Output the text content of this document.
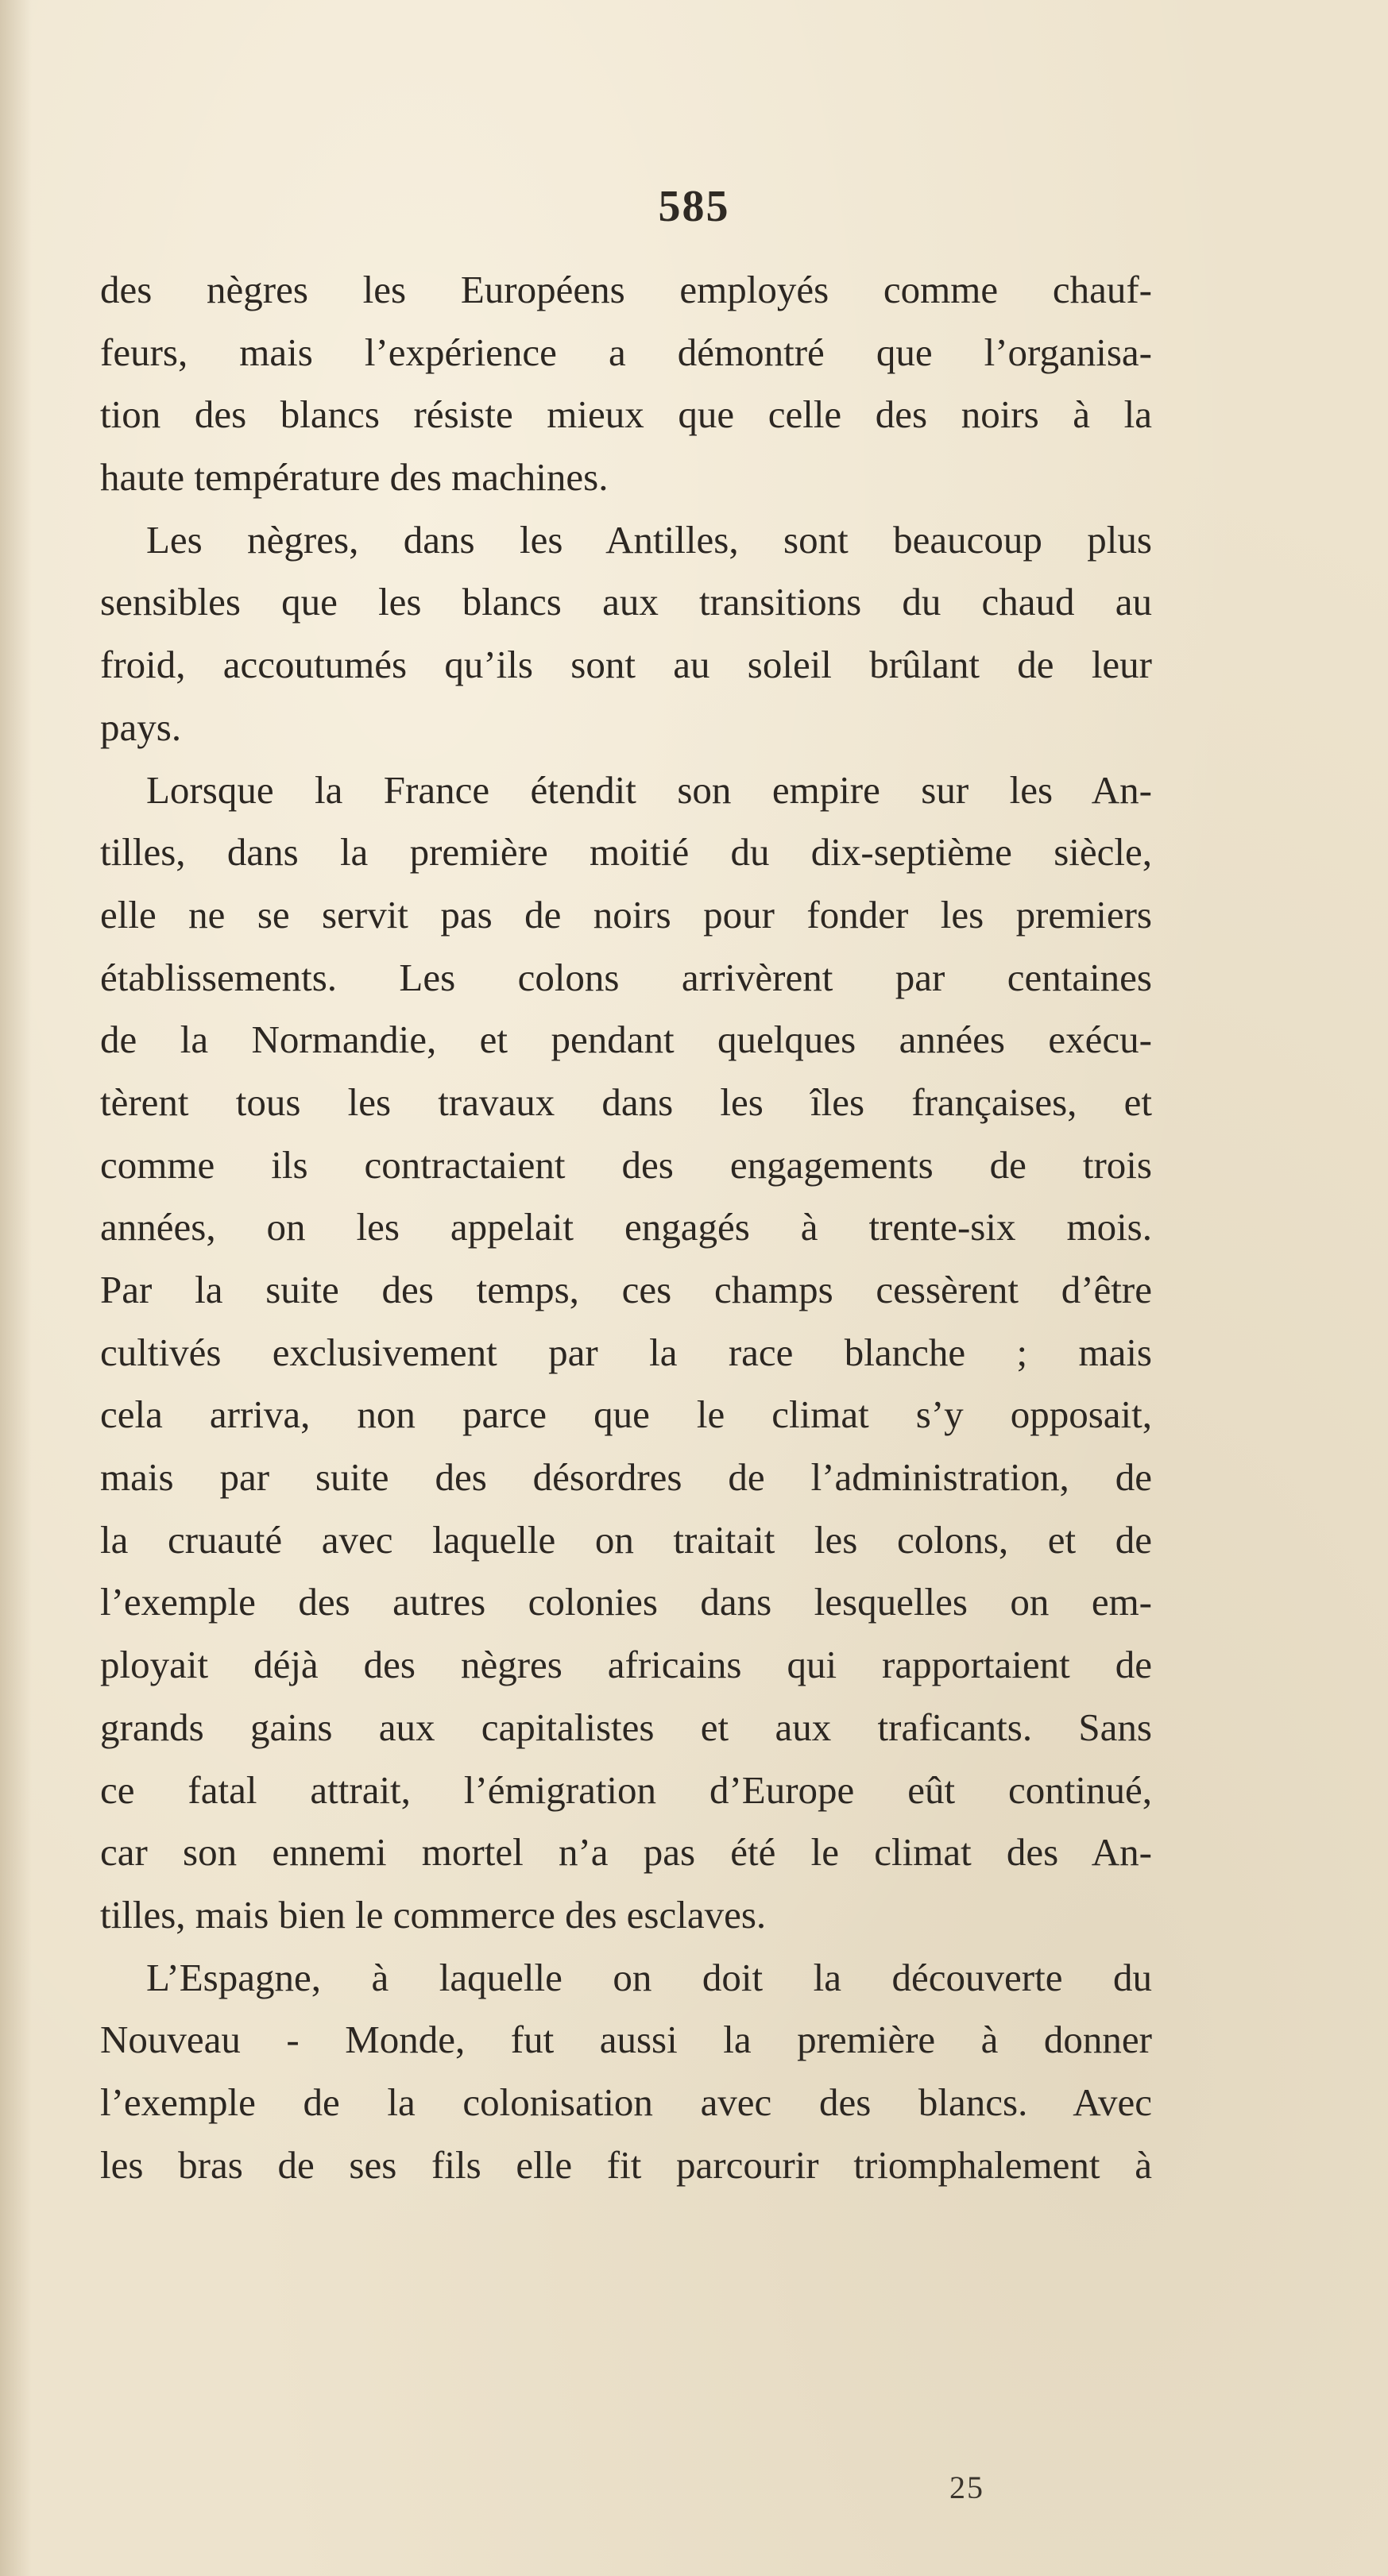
585
des nègres les Européens employés comme chauf-
feurs, mais l’expérience a démontré que l’organisa-
tion des blancs résiste mieux que celle des noirs à la
haute température des machines.
Les nègres, dans les Antilles, sont beaucoup plus
sensibles que les blancs aux transitions du chaud au
froid, accoutumés qu’ils sont au soleil brûlant de leur
pays.
Lorsque la France étendit son empire sur les An-
tilles, dans la première moitié du dix-septième siècle,
elle ne se servit pas de noirs pour fonder les premiers
établissements. Les colons arrivèrent par centaines
de la Normandie, et pendant quelques années exécu-
tèrent tous les travaux dans les îles françaises, et
comme ils contractaient des engagements de trois
années, on les appelait engagés à trente-six mois.
Par la suite des temps, ces champs cessèrent d’être
cultivés exclusivement par la race blanche ; mais
cela arriva, non parce que le climat s’y opposait,
mais par suite des désordres de l’administration, de
la cruauté avec laquelle on traitait les colons, et de
l’exemple des autres colonies dans lesquelles on em-
ployait déjà des nègres africains qui rapportaient de
grands gains aux capitalistes et aux traficants. Sans
ce fatal attrait, l’émigration d’Europe eût continué,
car son ennemi mortel n’a pas été le climat des An-
tilles, mais bien le commerce des esclaves.
L’Espagne, à laquelle on doit la découverte du
Nouveau - Monde, fut aussi la première à donner
l’exemple de la colonisation avec des blancs. Avec
les bras de ses fils elle fit parcourir triomphalement à
25
